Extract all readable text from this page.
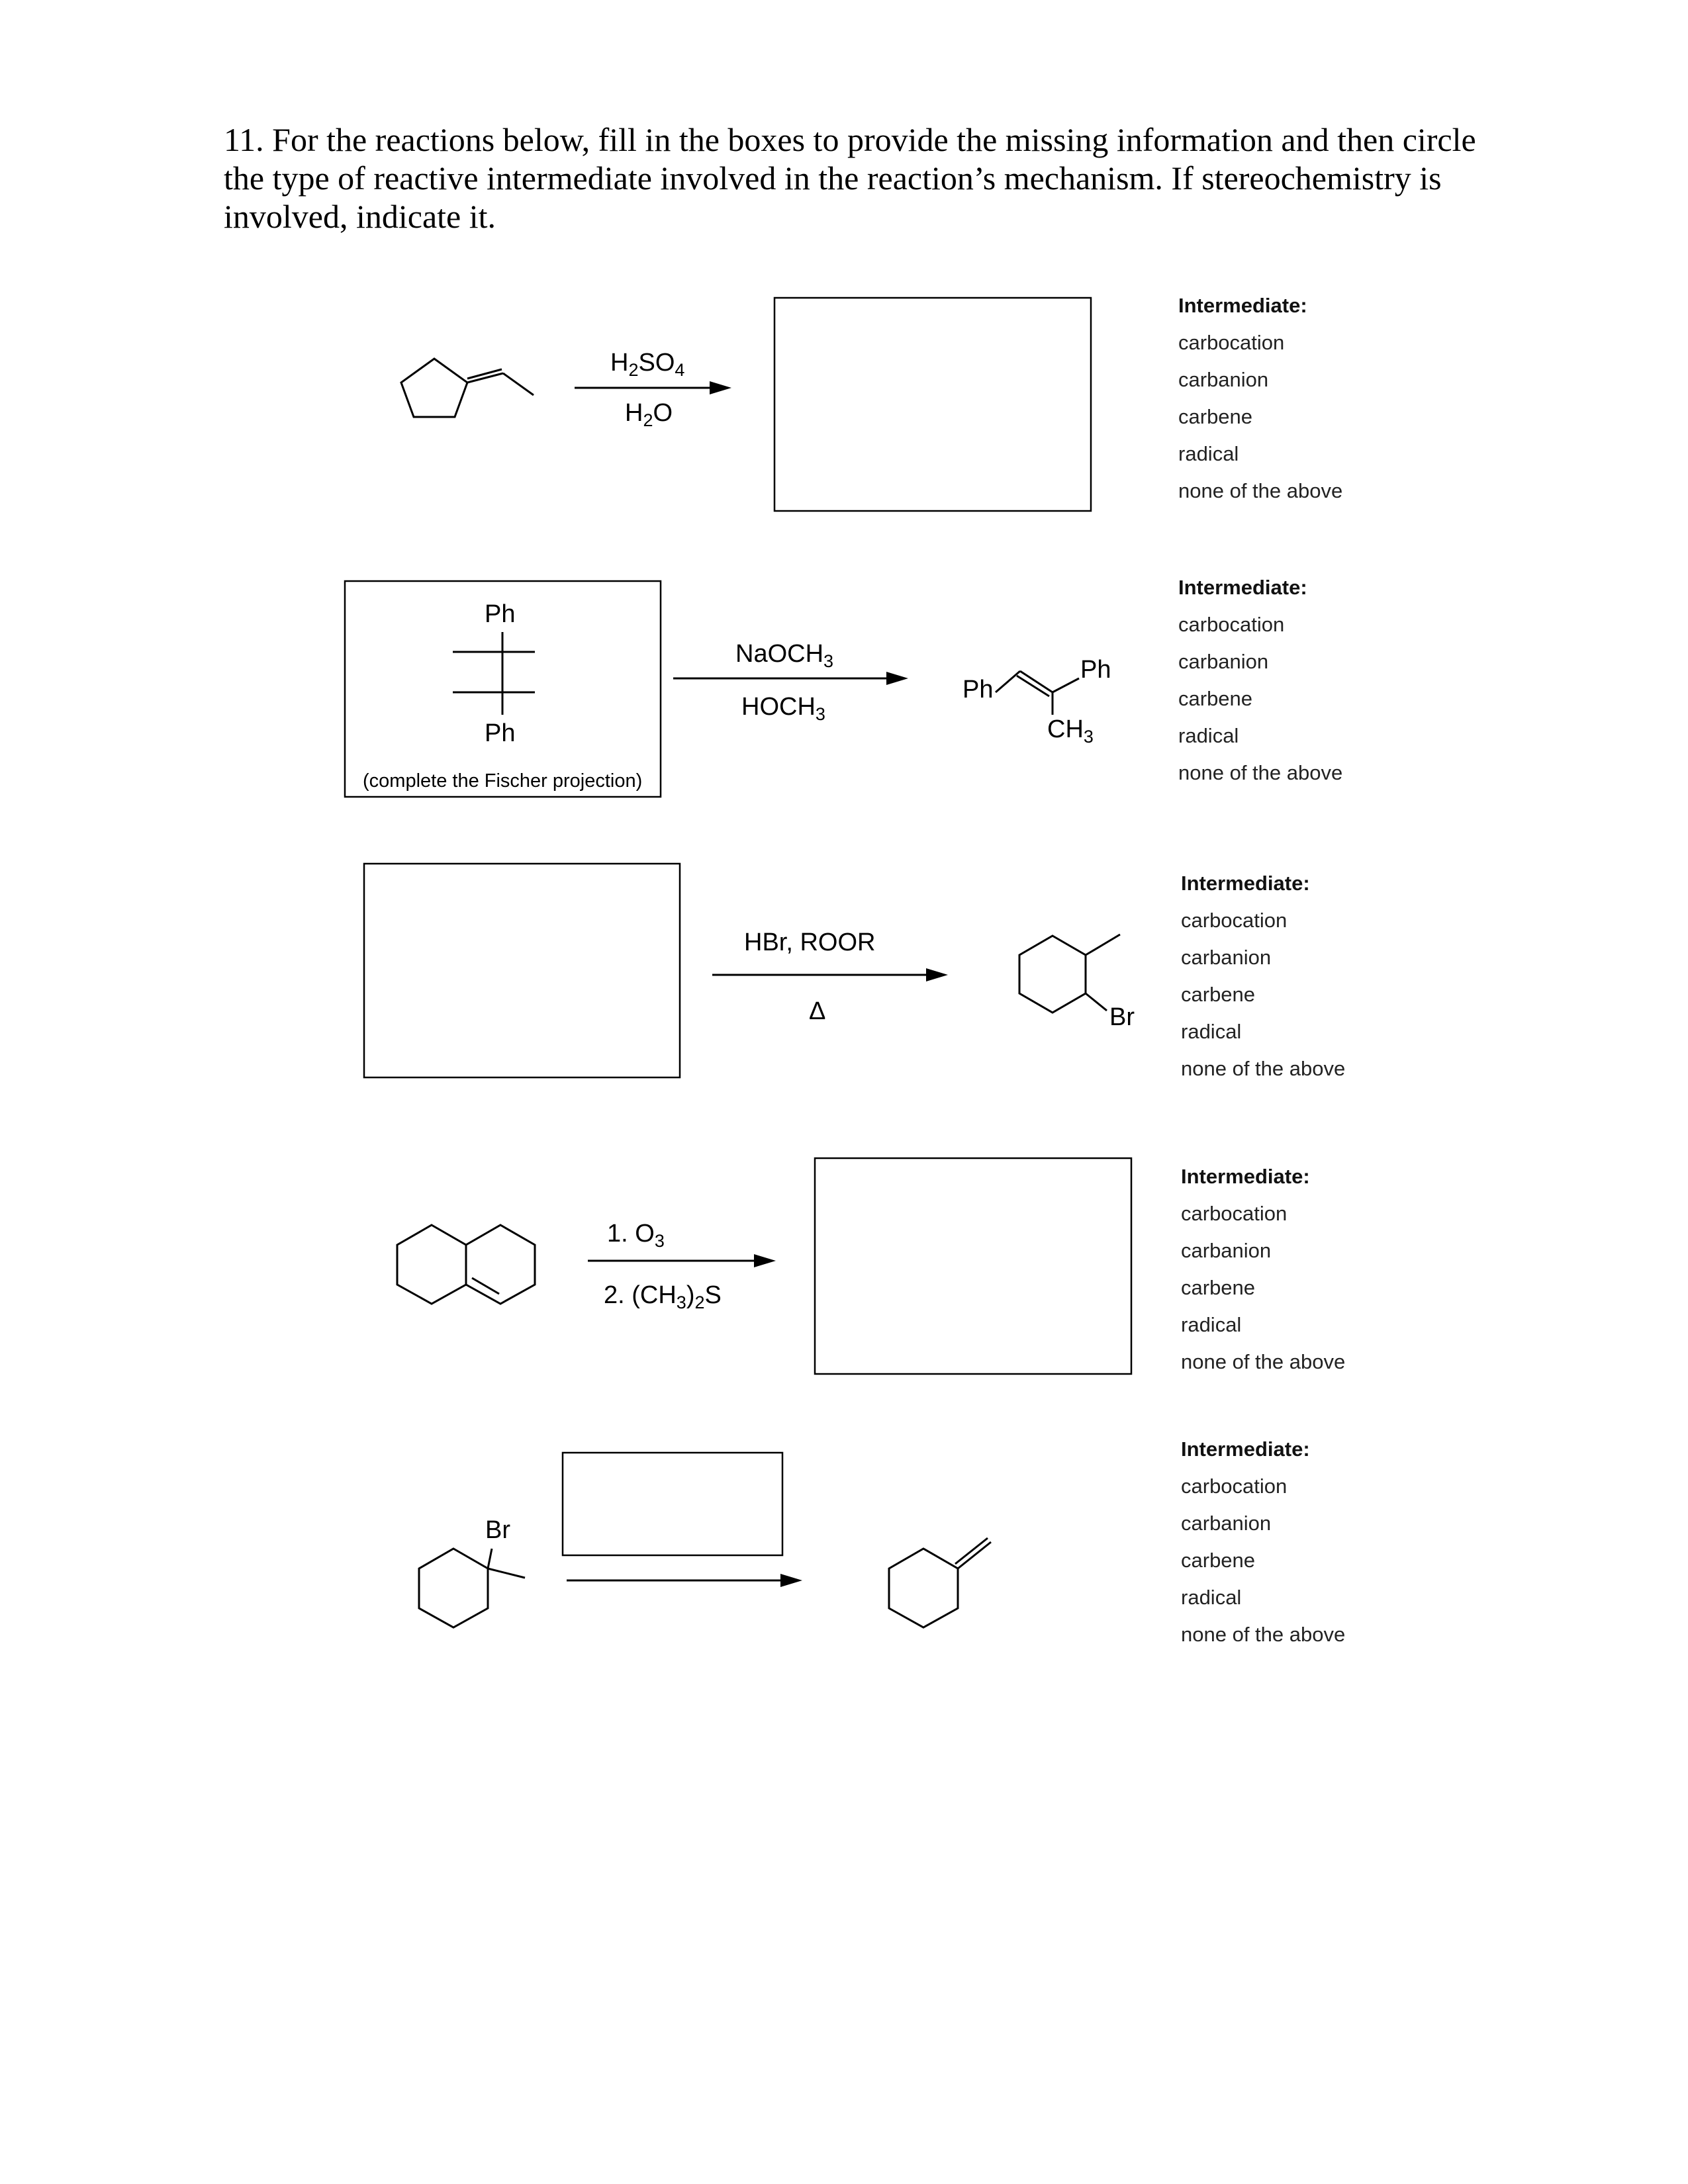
11. For the reactions below, fill in the boxes to provide the missing information and then circle the type of reactive intermediate involved in the reaction’s mechanism. If stereochemistry is involved, indicate it.

$H_2SO_4$
$H_2O$
Ph
Ph
(complete the Fischer projection)
NaOCH$_3$
$HOCH_3$
Ph
Ph
$CH_3$
HBr, ROOR
Δ	Br
1. $O_3$
2. $(CH_3)_2S$
Br
Intermediate:
carbocation
carbanion
carbene
radical
none of the above
Intermediate:
carbocation
carbanion
carbene
radical
none of the above
Intermediate:
carbocation
carbanion
carbene
radical
none of the above
Intermediate:
carbocation
carbanion
carbene
radical
none of the above
Intermediate:
carbocation
carbanion
carbene
radical
none of the above
